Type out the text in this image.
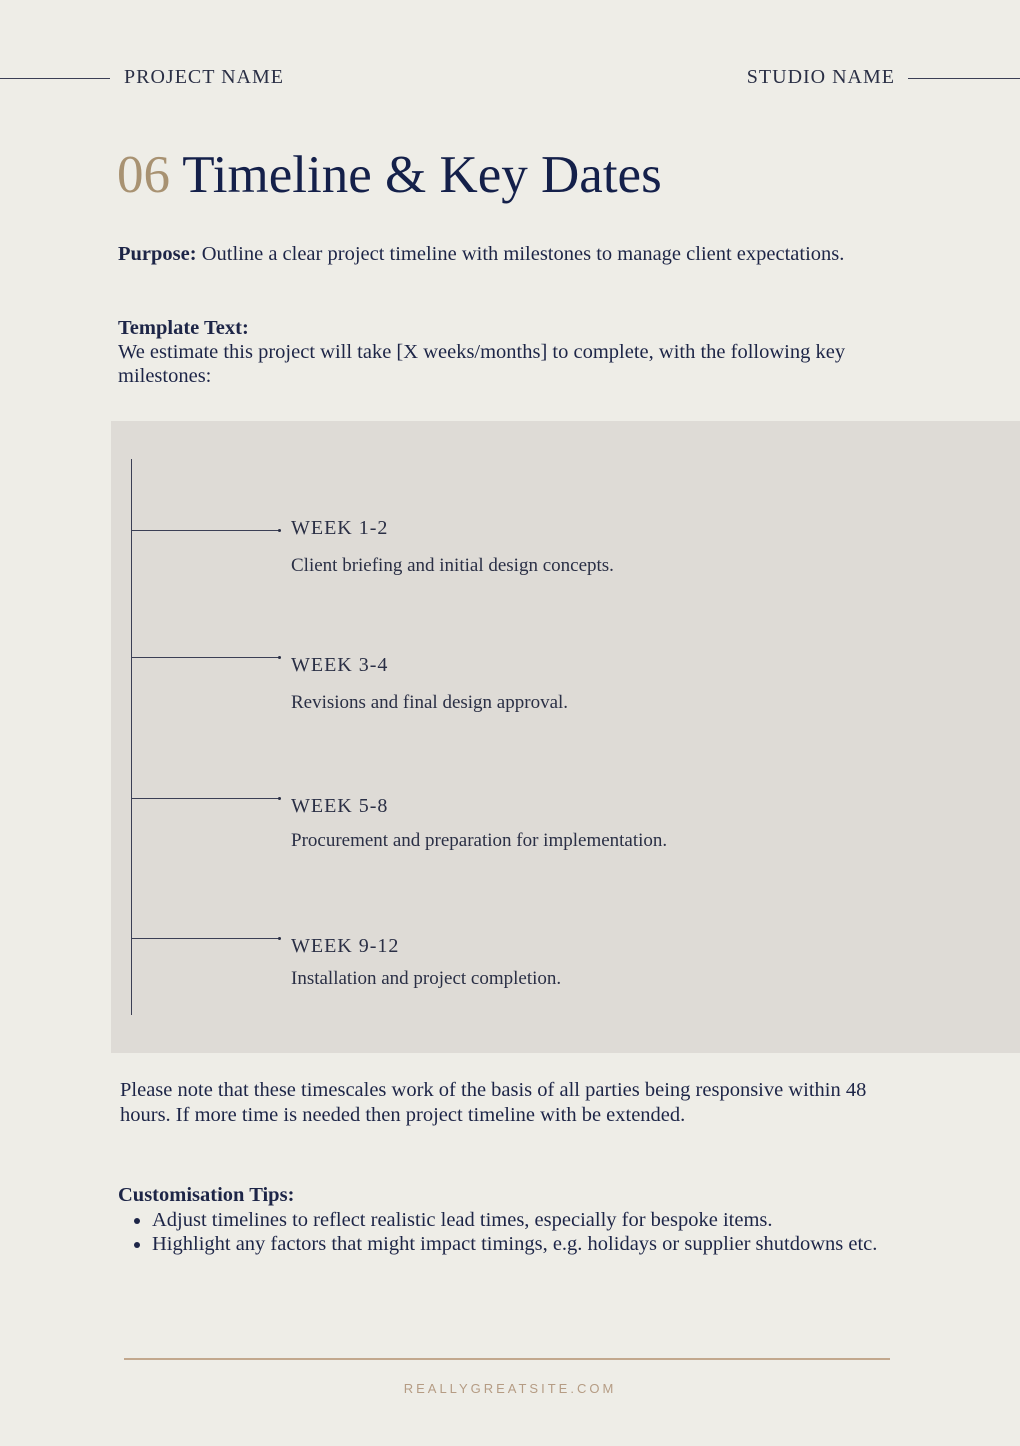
PROJECT NAME	STUDIO NAME
06 Timeline & Key Dates
Purpose: Outline a clear project timeline with milestones to manage client expectations.
Template Text:
We estimate this project will take [X weeks/months] to complete, with the following key milestones:
WEEK 1-2
Client briefing and initial design concepts.
WEEK 3-4
Revisions and final design approval.
WEEK 5-8
Procurement and preparation for implementation.
WEEK 9-12
Installation and project completion.
Please note that these timescales work of the basis of all parties being responsive within 48 hours. If more time is needed then project timeline with be extended.
Customisation Tips:
• Adjust timelines to reflect realistic lead times, especially for bespoke items.
• Highlight any factors that might impact timings, e.g. holidays or supplier shutdowns etc.
REALLYGREATSITE.COM
